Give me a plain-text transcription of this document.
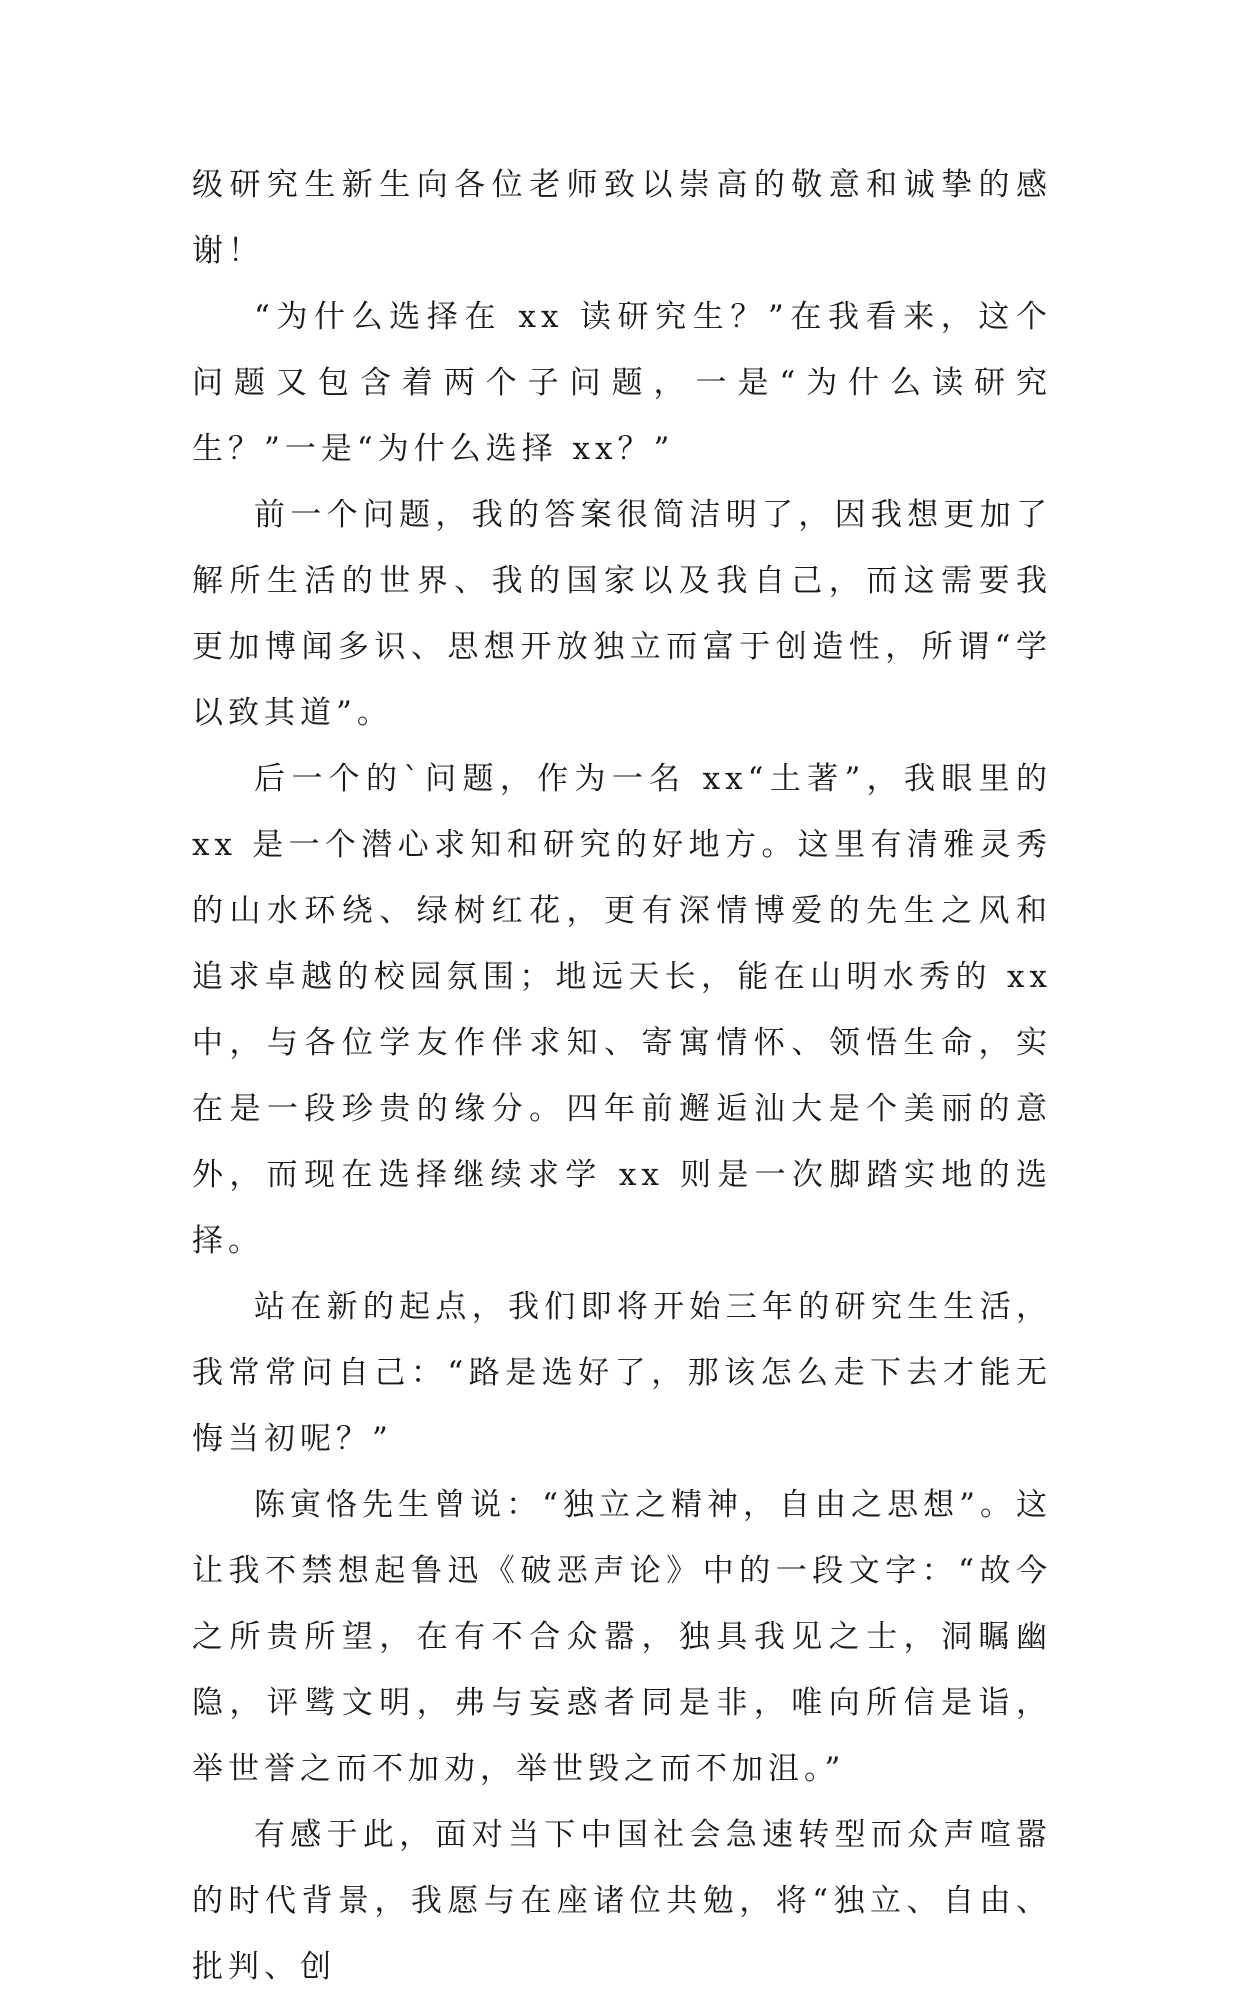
级研究生新生向各位老师致以崇高的敬意和诚挚的感谢！

“为什么选择在 xx 读研究生？”在我看来，这个问题又包含着两个子问题，一是“为什么读研究生？”一是“为什么选择 xx？”

前一个问题，我的答案很简洁明了，因我想更加了解所生活的世界、我的国家以及我自己，而这需要我更加博闻多识、思想开放独立而富于创造性，所谓“学以致其道”。

后一个的`问题，作为一名 xx“土著”，我眼里的 xx 是一个潜心求知和研究的好地方。这里有清雅灵秀的山水环绕、绿树红花，更有深情博爱的先生之风和追求卓越的校园氛围；地远天长，能在山明水秀的 xx 中，与各位学友作伴求知、寄寓情怀、领悟生命，实在是一段珍贵的缘分。四年前邂逅汕大是个美丽的意外，而现在选择继续求学 xx 则是一次脚踏实地的选择。

站在新的起点，我们即将开始三年的研究生生活，我常常问自己：“路是选好了，那该怎么走下去才能无悔当初呢？”

陈寅恪先生曾说：“独立之精神，自由之思想”。这让我不禁想起鲁迅《破恶声论》中的一段文字：“故今之所贵所望，在有不合众嚣，独具我见之士，洞瞩幽隐，评骘文明，弗与妄惑者同是非，唯向所信是诣，举世誉之而不加劝，举世毁之而不加沮。”

有感于此，面对当下中国社会急速转型而众声喧嚣的时代背景，我愿与在座诸位共勉，将“独立、自由、批判、创
